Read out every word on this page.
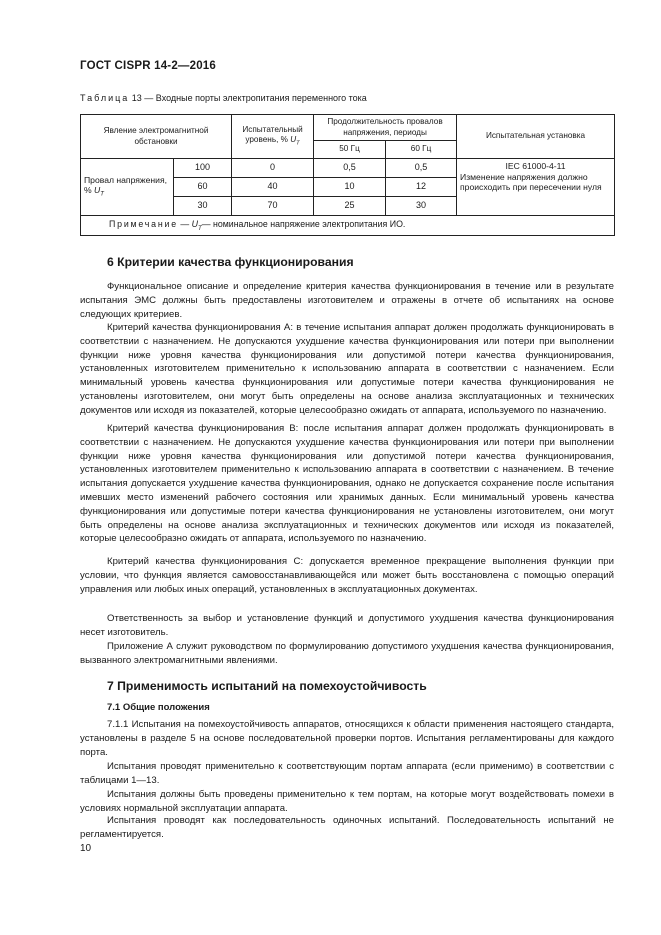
ГОСТ CISPR 14-2—2016
Таблица 13 — Входные порты электропитания переменного тока
Явление электромагнитной обстановки		Испытательный уровень, % $U_T$	Продолжительность провалов напряжения, периоды		Испытательная установка
			50 Гц	60 Гц	
Провал напряжения, % $U_T$	100	0	0,5	0,5	IEC 61000-4-11
Изменение напряжения должно происходить при пересечении нуля

	60	40	10	12	
	30	70	25	30	
Примечание — $U_T—$ номинальное напряжение электропитания ИО.					
6 Критерии качества функционирования

Функциональное описание и определение критерия качества функционирования в течение или в результате испытания ЭМС должны быть предоставлены изготовителем и отражены в отчете об испытаниях на основе следующих критериев.

Критерий качества функционирования А: в течение испытания аппарат должен продолжать функционировать в соответствии с назначением. Не допускаются ухудшение качества функционирования или потери при выполнении функции ниже уровня качества функционирования или допустимой потери качества функционирования, установленных изготовителем применительно к использованию аппарата в соответствии с назначением. Если минимальный уровень качества функционирования или допустимые потери качества функционирования не установлены изготовителем, они могут быть определены на основе анализа эксплуатационных и технических документов или исходя из показателей, которые целесообразно ожидать от аппарата, используемого по назначению.

Критерий качества функционирования В: после испытания аппарат должен продолжать функционировать в соответствии с назначением. Не допускаются ухудшение качества функционирования или потери при выполнении функции ниже уровня качества функционирования или допустимой потери качества функционирования, установленных изготовителем применительно к использованию аппарата в соответствии с назначением. В течение испытания допускается ухудшение качества функционирования, однако не допускается сохранение после испытания имевших место изменений рабочего состояния или хранимых данных. Если минимальный уровень качества функционирования или допустимые потери качества функционирования не установлены изготовителем, они могут быть определены на основе анализа эксплуатационных и технических документов или исходя из показателей, которые целесообразно ожидать от аппарата, используемого по назначению.

Критерий качества функционирования С: допускается временное прекращение выполнения функции при условии, что функция является самовосстанавливающейся или может быть восстановлена с помощью операций управления или любых иных операций, установленных в эксплуатационных документах.

Ответственность за выбор и установление функций и допустимого ухудшения качества функционирования несет изготовитель.

Приложение А служит руководством по формулированию допустимого ухудшения качества функционирования, вызванного электромагнитными явлениями.

7 Применимость испытаний на помехоустойчивость
7.1 Общие положения

7.1.1 Испытания на помехоустойчивость аппаратов, относящихся к области применения настоящего стандарта, установлены в разделе 5 на основе последовательной проверки портов. Испытания регламентированы для каждого порта.

Испытания проводят применительно к соответствующим портам аппарата (если применимо) в соответствии с таблицами 1—13.

Испытания должны быть проведены применительно к тем портам, на которые могут воздействовать помехи в условиях нормальной эксплуатации аппарата.

Испытания проводят как последовательность одиночных испытаний. Последовательность испытаний не регламентируется.

10
